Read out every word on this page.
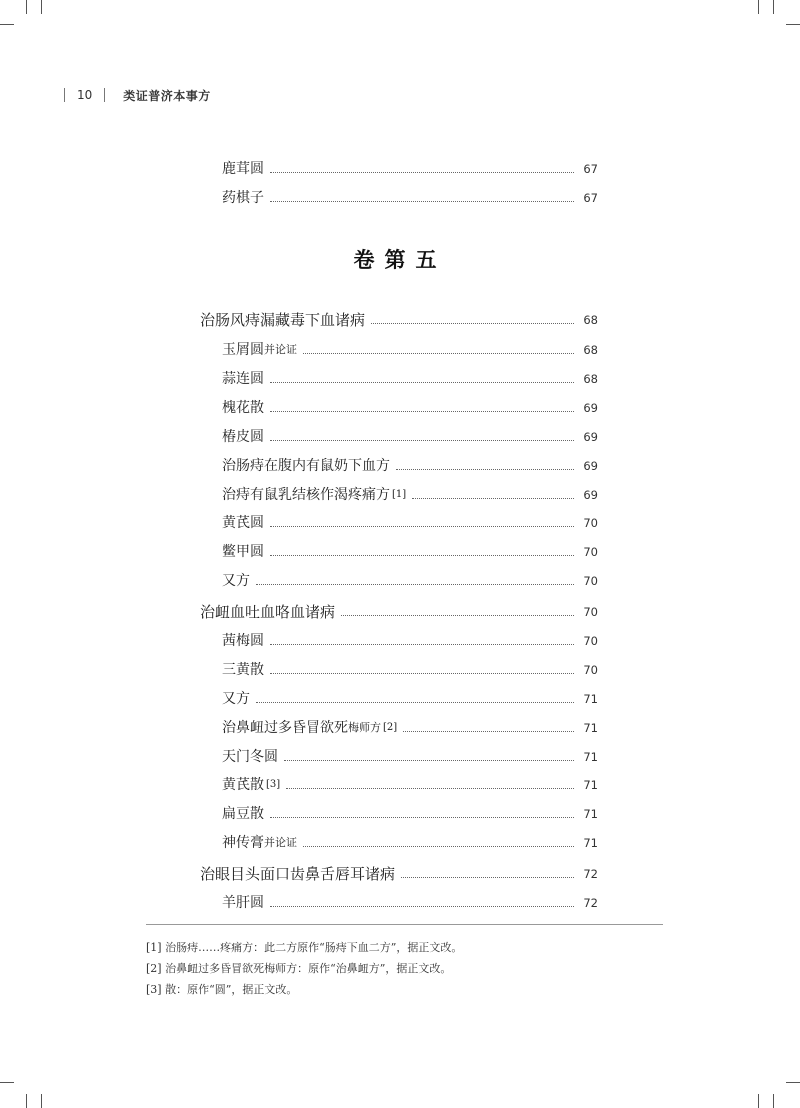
10	类证普济本事方
鹿茸圆	67
药棋子	67
卷第五
治肠风痔漏藏毒下血诸病	68
玉屑圆 并论证	68
蒜连圆	68
槐花散	69
椿皮圆	69
治肠痔在腹内有鼠奶下血方	69
治痔有鼠乳结核作渴疼痛方 [1]	69
黄芪圆	70
鳖甲圆	70
又方	70
治衄血吐血咯血诸病	70
茜梅圆	70
三黄散	70
又方	71
治鼻衄过多昏冒欲死 梅师方 [2]	71
天门冬圆	71
黄芪散 [3]	71
扁豆散	71
神传膏 并论证	71
治眼目头面口齿鼻舌唇耳诸病	72
羊肝圆	72
[1] 治肠痔……疼痛方：此二方原作“肠痔下血二方”，据正文改。
[2] 治鼻衄过多昏冒欲死梅师方：原作“治鼻衄方”，据正文改。
[3] 散：原作“圆”，据正文改。
